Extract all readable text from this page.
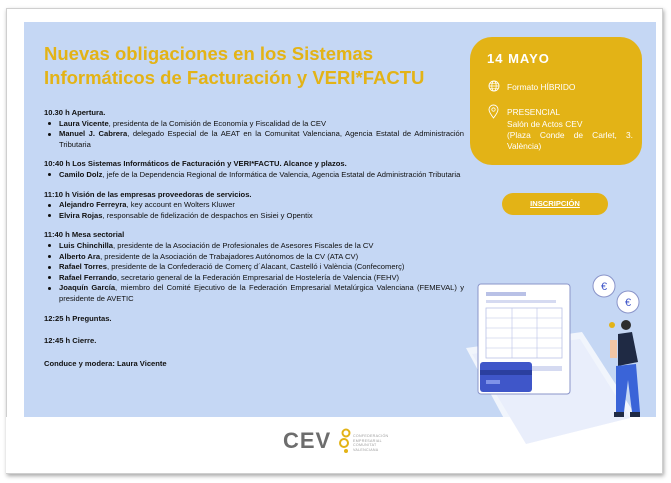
Nuevas obligaciones en los Sistemas Informáticos de Facturación y VERI*FACTU
10.30 h Apertura.
Laura Vicente, presidenta de la Comisión de Economía y Fiscalidad de la CEV
Manuel J. Cabrera, delegado Especial de la AEAT en la Comunitat Valenciana, Agencia Estatal de Administración Tributaria
10:40 h Los Sistemas Informáticos de Facturación y VERI*FACTU. Alcance y plazos.
Camilo Dolz, jefe de la Dependencia Regional de Informática de Valencia, Agencia Estatal de Administración Tributaria
11:10 h Visión de las empresas proveedoras de servicios.
Alejandro Ferreyra, key account en Wolters Kluwer
Elvira Rojas, responsable de fidelización de despachos en Sisiei y Opentix
11:40 h Mesa sectorial
Luis Chinchilla, presidente de la Asociación de Profesionales de Asesores Fiscales de la CV
Alberto Ara, presidente de la Asociación de Trabajadores Autónomos de la CV (ATA CV)
Rafael Torres, presidente de la Confederació de Comerç d´Alacant, Castelló i València (Confecomerç)
Rafael Ferrando, secretario general de la Federación Empresarial de Hostelería de Valencia (FEHV)
Joaquín García, miembro del Comité Ejecutivo de la Federación Empresarial Metalúrgica Valenciana (FEMEVAL) y presidente de AVETIC
12:25 h Preguntas.
12:45 h Cierre.
Conduce y modera: Laura Vicente
14 MAYO
Formato HÍBRIDO
PRESENCIAL
Salón de Actos CEV
(Plaza Conde de Carlet, 3. València)
INSCRIPCIÓN
€
€
CEV	CONFEDERACIÓN
EMPRESARIAL
COMUNITAT
VALENCIANA
